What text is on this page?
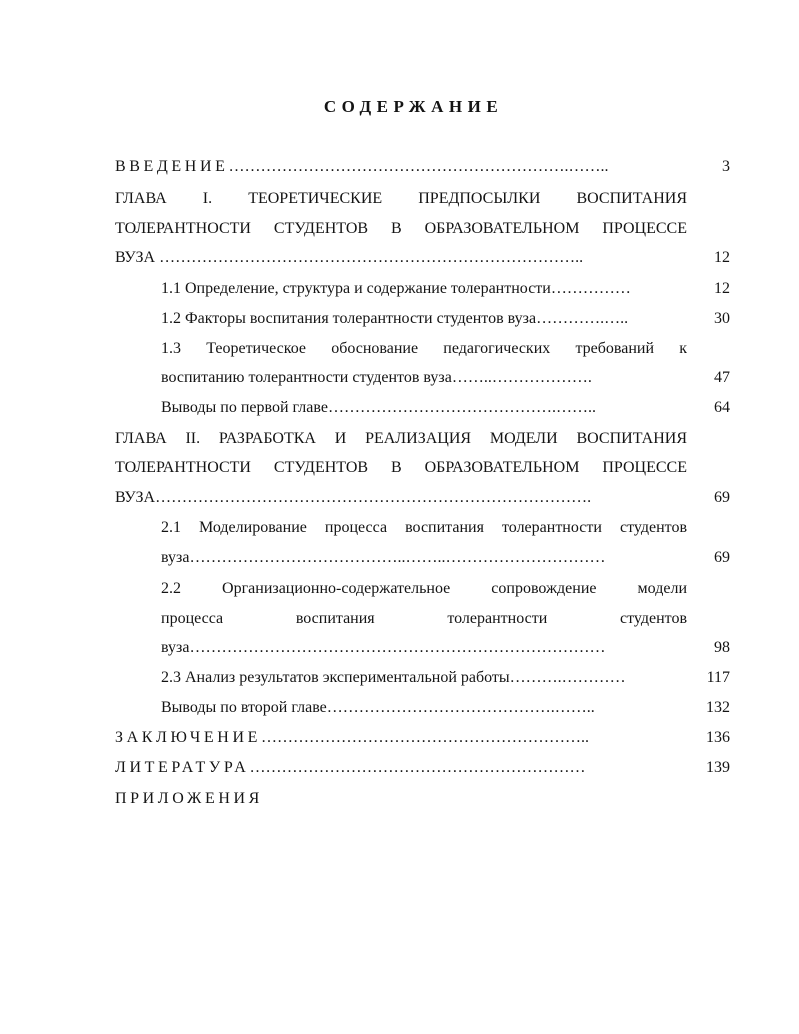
СОДЕРЖАНИЕ
ВВЕДЕНИЕ……………………………………………………….……..	3
ГЛАВА I. ТЕОРЕТИЧЕСКИЕ ПРЕДПОСЫЛКИ ВОСПИТАНИЯ
ТОЛЕРАНТНОСТИ СТУДЕНТОВ В ОБРАЗОВАТЕЛЬНОМ ПРОЦЕССЕ
ВУЗА ……………………………………………………………………..	12
1.1 Определение, структура и содержание толерантности……………	12
1.2 Факторы воспитания толерантности студентов вуза………….…..	30
1.3 Теоретическое обоснование педагогических требований к
воспитанию толерантности студентов вуза……..……………….	47
Выводы по первой главе…………………………………….……..	64
ГЛАВА II. РАЗРАБОТКА И РЕАЛИЗАЦИЯ МОДЕЛИ ВОСПИТАНИЯ
ТОЛЕРАНТНОСТИ СТУДЕНТОВ В ОБРАЗОВАТЕЛЬНОМ ПРОЦЕССЕ
ВУЗА……………………………………………………………………….	69
2.1 Моделирование процесса воспитания толерантности студентов
вуза…………………………………..……..…………………………	69
2.2 Организационно-содержательное сопровождение модели
процесса воспитания толерантности студентов
вуза……………………………………………………………………	98
2.3 Анализ результатов экспериментальной работы……….…………	117
Выводы по второй главе…………………………………….……..	132
ЗАКЛЮЧЕНИЕ……………………………………………………..	136
ЛИТЕРАТУРА………………………………………………………	139
ПРИЛОЖЕНИЯ
